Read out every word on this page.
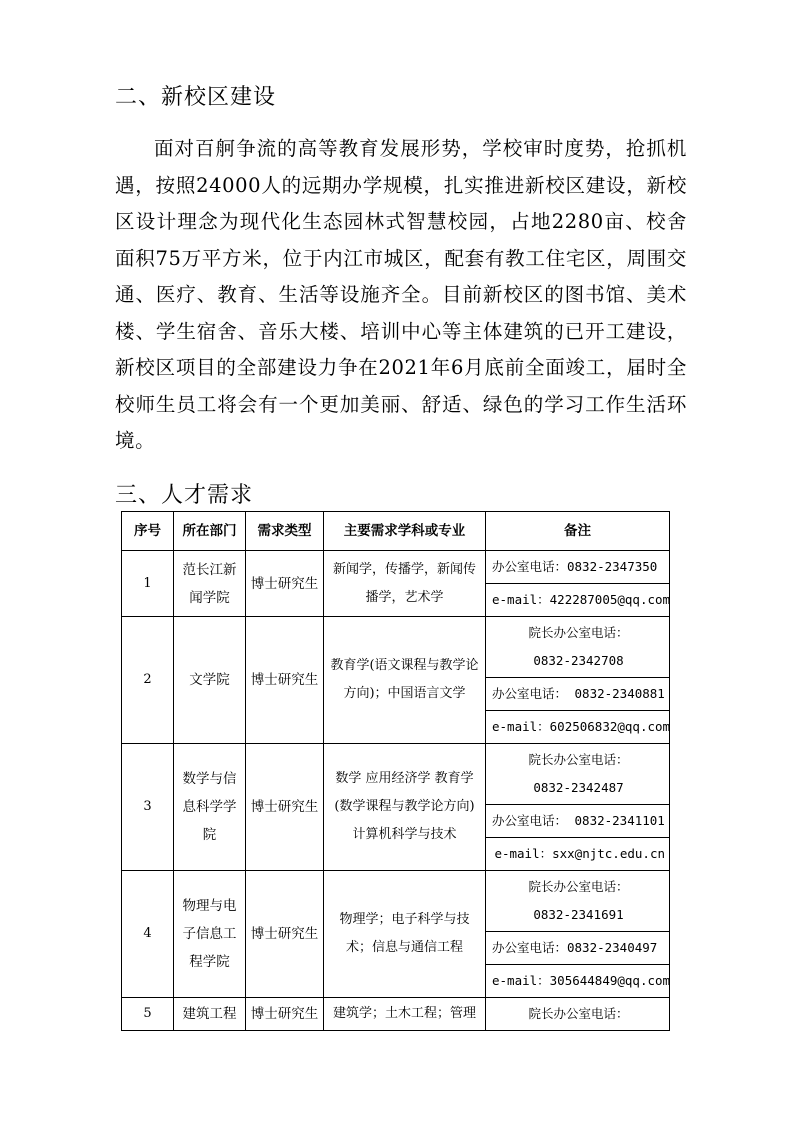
二、新校区建设

面对百舸争流的高等教育发展形势，学校审时度势，抢抓机遇，按照24000人的远期办学规模，扎实推进新校区建设，新校区设计理念为现代化生态园林式智慧校园，占地2280亩、校舍面积75万平方米，位于内江市城区，配套有教工住宅区，周围交通、医疗、教育、生活等设施齐全。目前新校区的图书馆、美术楼、学生宿舍、音乐大楼、培训中心等主体建筑的已开工建设，新校区项目的全部建设力争在2021年6月底前全面竣工，届时全校师生员工将会有一个更加美丽、舒适、绿色的学习工作生活环境。

三、人才需求
序号	所在部门	需求类型	主要需求学科或专业	备注
1	范长江新闻学院	博士研究生	新闻学，传播学，新闻传播学，艺术学	办公室电话：0832-2347350
				e-mail：422287005@qq.com
2	文学院	博士研究生	教育学(语文课程与教学论方向)；中国语言文学	院长办公室电话：
0832-2342708

				办公室电话： 0832-2340881
				e-mail：602506832@qq.com
3	数学与信息科学学院	博士研究生	数学 应用经济学 教育学(数学课程与教学论方向) 计算机科学与技术	院长办公室电话：
0832-2342487

				办公室电话： 0832-2341101
				e-mail：sxx@njtc.edu.cn
4	物理与电子信息工程学院	博士研究生	物理学；电子科学与技术；信息与通信工程	院长办公室电话：
0832-2341691

				办公室电话：0832-2340497
				e-mail：305644849@qq.com
5	建筑工程	博士研究生	建筑学；土木工程；管理	院长办公室电话：
